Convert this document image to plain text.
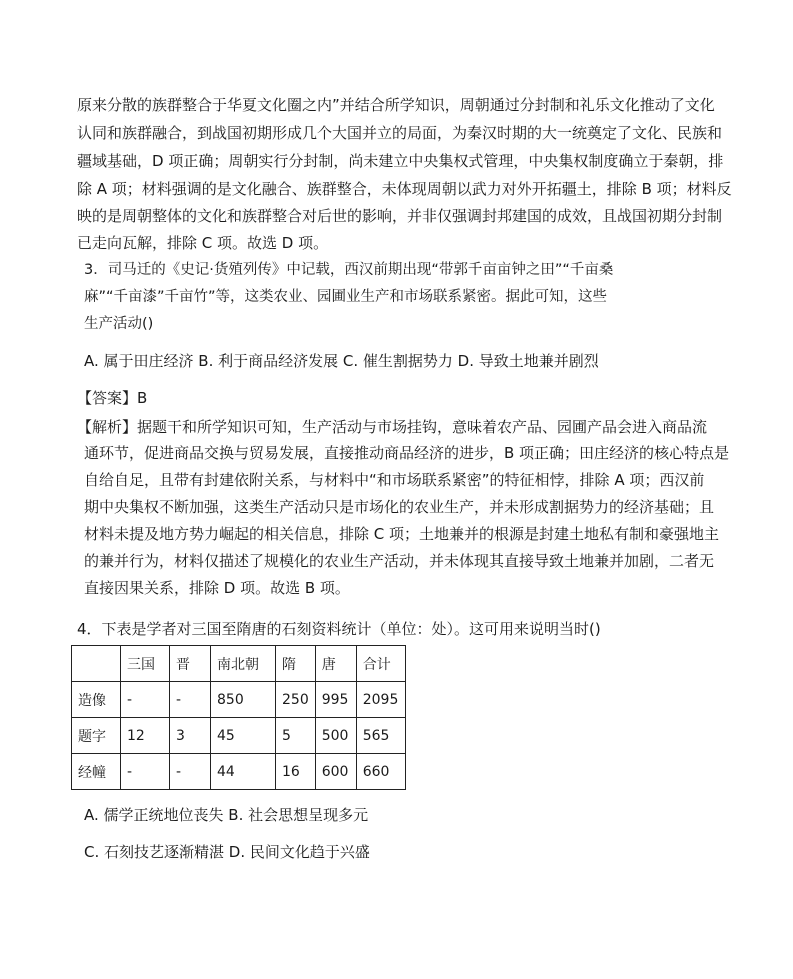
原来分散的族群整合于华夏文化圈之内”并结合所学知识，周朝通过分封制和礼乐文化推动了文化
认同和族群融合，到战国初期形成几个大国并立的局面，为秦汉时期的大一统奠定了文化、民族和
疆域基础，D 项正确；周朝实行分封制，尚未建立中央集权式管理，中央集权制度确立于秦朝，排
除 A 项；材料强调的是文化融合、族群整合，未体现周朝以武力对外开拓疆土，排除 B 项；材料反
映的是周朝整体的文化和族群整合对后世的影响，并非仅强调封邦建国的成效，且战国初期分封制
已走向瓦解，排除 C 项。故选 D 项。
3．司马迁的《史记·货殖列传》中记载，西汉前期出现“带郭千亩亩钟之田”“千亩桑
麻”“千亩漆”千亩竹”等，这类农业、园圃业生产和市场联系紧密。据此可知，这些
生产活动()
A. 属于田庄经济 B. 利于商品经济发展 C. 催生割据势力 D. 导致土地兼并剧烈
【答案】B
【解析】据题干和所学知识可知，生产活动与市场挂钩，意味着农产品、园圃产品会进入商品流
通环节，促进商品交换与贸易发展，直接推动商品经济的进步，B 项正确；田庄经济的核心特点是
自给自足，且带有封建依附关系，与材料中“和市场联系紧密”的特征相悖，排除 A 项；西汉前
期中央集权不断加强，这类生产活动只是市场化的农业生产，并未形成割据势力的经济基础；且
材料未提及地方势力崛起的相关信息，排除 C 项；土地兼并的根源是封建土地私有制和豪强地主
的兼并行为，材料仅描述了规模化的农业生产活动，并未体现其直接导致土地兼并加剧，二者无
直接因果关系，排除 D 项。故选 B 项。
4．下表是学者对三国至隋唐的石刻资料统计（单位：处）。这可用来说明当时()
	三国	晋	南北朝	隋	唐	合计
造像	-	-	850	250	995	2095
题字	12	3	45	5	500	565
经幢	-	-	44	16	600	660
A. 儒学正统地位丧失 B. 社会思想呈现多元
C. 石刻技艺逐渐精湛 D. 民间文化趋于兴盛
